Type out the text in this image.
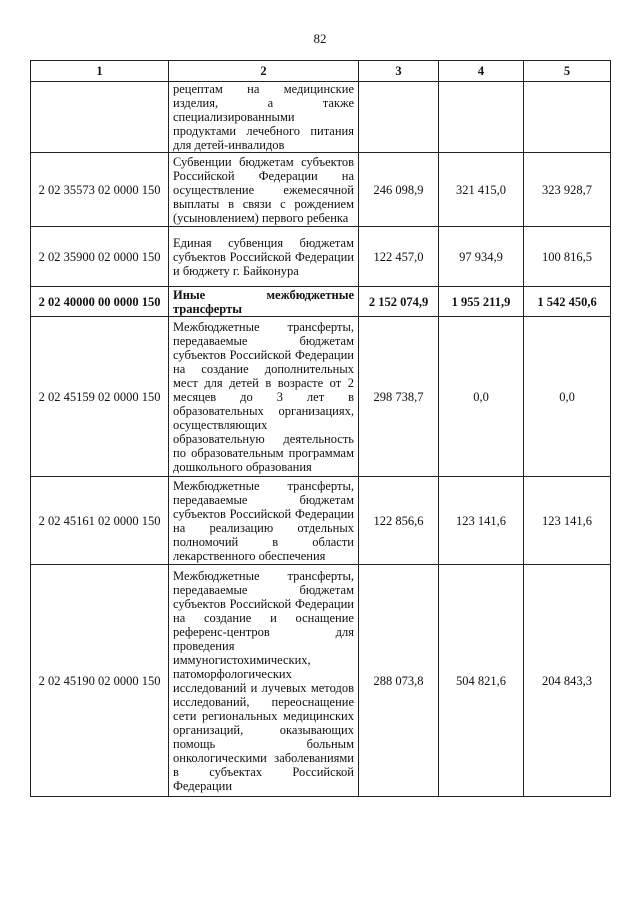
82
1	2	3	4	5
	рецептам на медицинские изделия, а также специализированными продуктами лечебного питания для детей-инвалидов			
2 02 35573 02 0000 150	Субвенции бюджетам субъектов Российской Федерации на осуществление ежемесячной выплаты в связи с рождением (усыновлением) первого ребенка	246 098,9	321 415,0	323 928,7
2 02 35900 02 0000 150	Единая субвенция бюджетам субъектов Российской Федерации и бюджету г. Байконура	122 457,0	97 934,9	100 816,5
2 02 40000 00 0000 150	Иные межбюджетные трансферты	2 152 074,9	1 955 211,9	1 542 450,6
2 02 45159 02 0000 150	Межбюджетные трансферты, передаваемые бюджетам субъектов Российской Федерации на создание дополнительных мест для детей в возрасте от 2 месяцев до 3 лет в образовательных организациях, осуществляющих образовательную деятельность по образовательным программам дошкольного образования	298 738,7	0,0	0,0
2 02 45161 02 0000 150	Межбюджетные трансферты, передаваемые бюджетам субъектов Российской Федерации на реализацию отдельных полномочий в области лекарственного обеспечения	122 856,6	123 141,6	123 141,6
2 02 45190 02 0000 150	Межбюджетные трансферты, передаваемые бюджетам субъектов Российской Федерации на создание и оснащение референс-центров для проведения иммуногистохимических, патоморфологических исследований и лучевых методов исследований, переоснащение сети региональных медицинских организаций, оказывающих помощь больным онкологическими заболеваниями в субъектах Российской Федерации	288 073,8	504 821,6	204 843,3
